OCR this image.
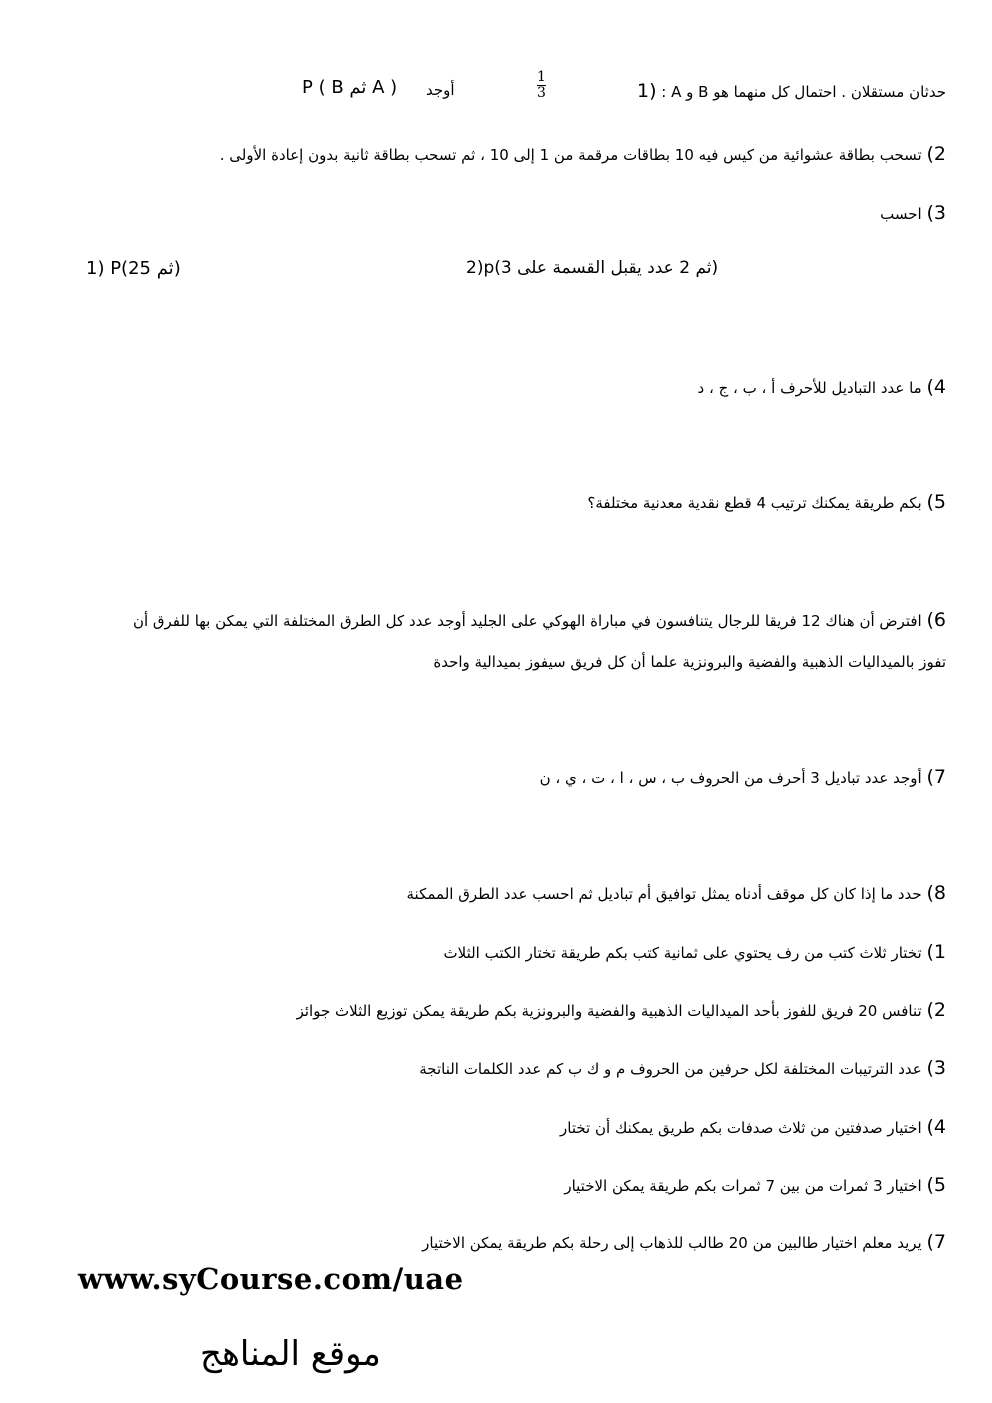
1) : A و B حدثان مستقلان . احتمال كل منهما هو
$\frac{1}{3}$
أوجد
P ( B ثم A )
2) تسحب بطاقة عشوائية من كيس فيه 10 بطاقات مرقمة من 1 إلى 10 ، ثم تسحب بطاقة ثانية بدون إعادة الأولى .
3) احسب
1) P(2ثم 5)	2)p(3 ثم 2 عدد يقبل القسمة على)
4) ما عدد التباديل للأحرف أ ، ب ، ج ، د
5) بكم طريقة يمكنك ترتيب 4 قطع نقدية معدنية مختلفة؟
6) افترض أن هناك 12 فريقا للرجال يتنافسون في مباراة الهوكي على الجليد أوجد عدد كل الطرق المختلفة التي يمكن بها للفرق أن
تفوز بالميداليات الذهبية والفضية والبرونزية علما أن كل فريق سيفوز بميدالية واحدة
7) أوجد عدد تباديل 3 أحرف من الحروف ب ، س ، ا ، ت ، ي ، ن
8) حدد ما إذا كان كل موقف أدناه يمثل توافيق أم تباديل ثم احسب عدد الطرق الممكنة
1) تختار ثلاث كتب من رف يحتوي على ثمانية كتب بكم طريقة تختار الكتب الثلاث
2) تنافس 20 فريق للفوز بأحد الميداليات الذهبية والفضية والبرونزية بكم طريقة يمكن توزيع الثلاث جوائز
3) عدد الترتيبات المختلفة لكل حرفين من الحروف م و ك ب كم عدد الكلمات الناتجة
4) اختيار صدفتين من ثلاث صدفات بكم طريق يمكنك أن تختار
5) اختيار 3 ثمرات من بين 7 ثمرات بكم طريقة يمكن الاختيار
7) يريد معلم اختيار طالبين من 20 طالب للذهاب إلى رحلة بكم طريقة يمكن الاختيار
www.syCourse.com/uae
موقع المناهج
